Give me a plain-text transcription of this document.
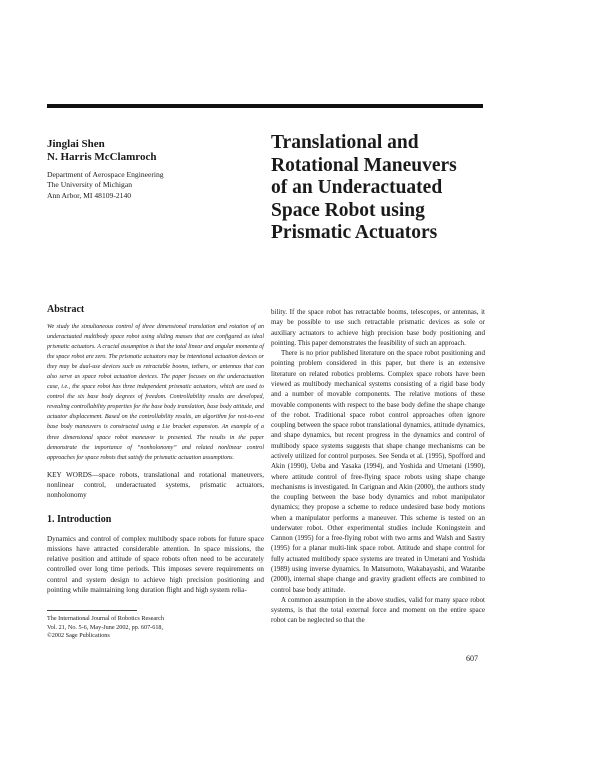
Jinglai Shen
N. Harris McClamroch
Department of Aerospace Engineering
The University of Michigan
Ann Arbor, MI 48109-2140
Translational and
Rotational Maneuvers
of an Underactuated
Space Robot using
Prismatic Actuators
Abstract

We study the simultaneous control of three dimensional translation and rotation of an underactuated multibody space robot using sliding masses that are configured as ideal prismatic actuators. A crucial assumption is that the total linear and angular momenta of the space robot are zero. The prismatic actuators may be intentional actuation devices or they may be dual-use devices such as retractable booms, tethers, or antennas that can also serve as space robot actuation devices. The paper focuses on the underactuation case, i.e., the space robot has three independent prismatic actuators, which are used to control the six base body degrees of freedom. Controllability results are developed, revealing controllability properties for the base body translation, base body attitude, and actuator displacement. Based on the controllability results, an algorithm for rest-to-rest base body maneuvers is constructed using a Lie bracket expansion. An example of a three dimensional space robot maneuver is presented. The results in the paper demonstrate the importance of “nonholonomy” and related nonlinear control approaches for space robots that satisfy the prismatic actuation assumptions.

KEY WORDS—space robots, translational and rotational maneuvers, nonlinear control, underactuated systems, prismatic actuators, nonholonomy

1. Introduction

Dynamics and control of complex multibody space robots for future space missions have attracted considerable attention. In space missions, the relative position and attitude of space robots often need to be accurately controlled over long time periods. This imposes severe requirements on control and system design to achieve high precision positioning and pointing while maintaining long duration flight and high system relia-

bility. If the space robot has retractable booms, telescopes, or antennas, it may be possible to use such retractable prismatic devices as sole or auxiliary actuators to achieve high precision base body positioning and pointing. This paper demonstrates the feasibility of such an approach.

There is no prior published literature on the space robot positioning and pointing problem considered in this paper, but there is an extensive literature on related robotics problems. Complex space robots have been viewed as multibody mechanical systems consisting of a rigid base body and a number of movable components. The relative motions of these movable components with respect to the base body define the shape change of the robot. Traditional space robot control approaches often ignore coupling between the space robot translational dynamics, attitude dynamics, and shape dynamics, but recent progress in the dynamics and control of multibody space systems suggests that shape change mechanisms can be actively utilized for control purposes. See Senda et al. (1995), Spofford and Akin (1990), Ueba and Yasaka (1994), and Yoshida and Umetani (1990), where attitude control of free-flying space robots using shape change mechanisms is investigated. In Carignan and Akin (2000), the authors study the coupling between the base body dynamics and robot manipulator dynamics; they propose a scheme to reduce undesired base body motions when a manipulator performs a maneuver. This scheme is tested on an underwater robot. Other experimental studies include Koningstein and Cannon (1995) for a free-flying robot with two arms and Walsh and Sastry (1995) for a planar multi-link space robot. Attitude and shape control for fully actuated multibody space systems are treated in Umetani and Yoshida (1989) using inverse dynamics. In Matsumoto, Wakabayashi, and Watanbe (2000), internal shape change and gravity gradient effects are combined to control base body attitude.

A common assumption in the above studies, valid for many space robot systems, is that the total external force and moment on the entire space robot can be neglected so that the

The International Journal of Robotics Research
Vol. 21, No. 5-6, May-June 2002, pp. 607-618,
©2002 Sage Publications
607
